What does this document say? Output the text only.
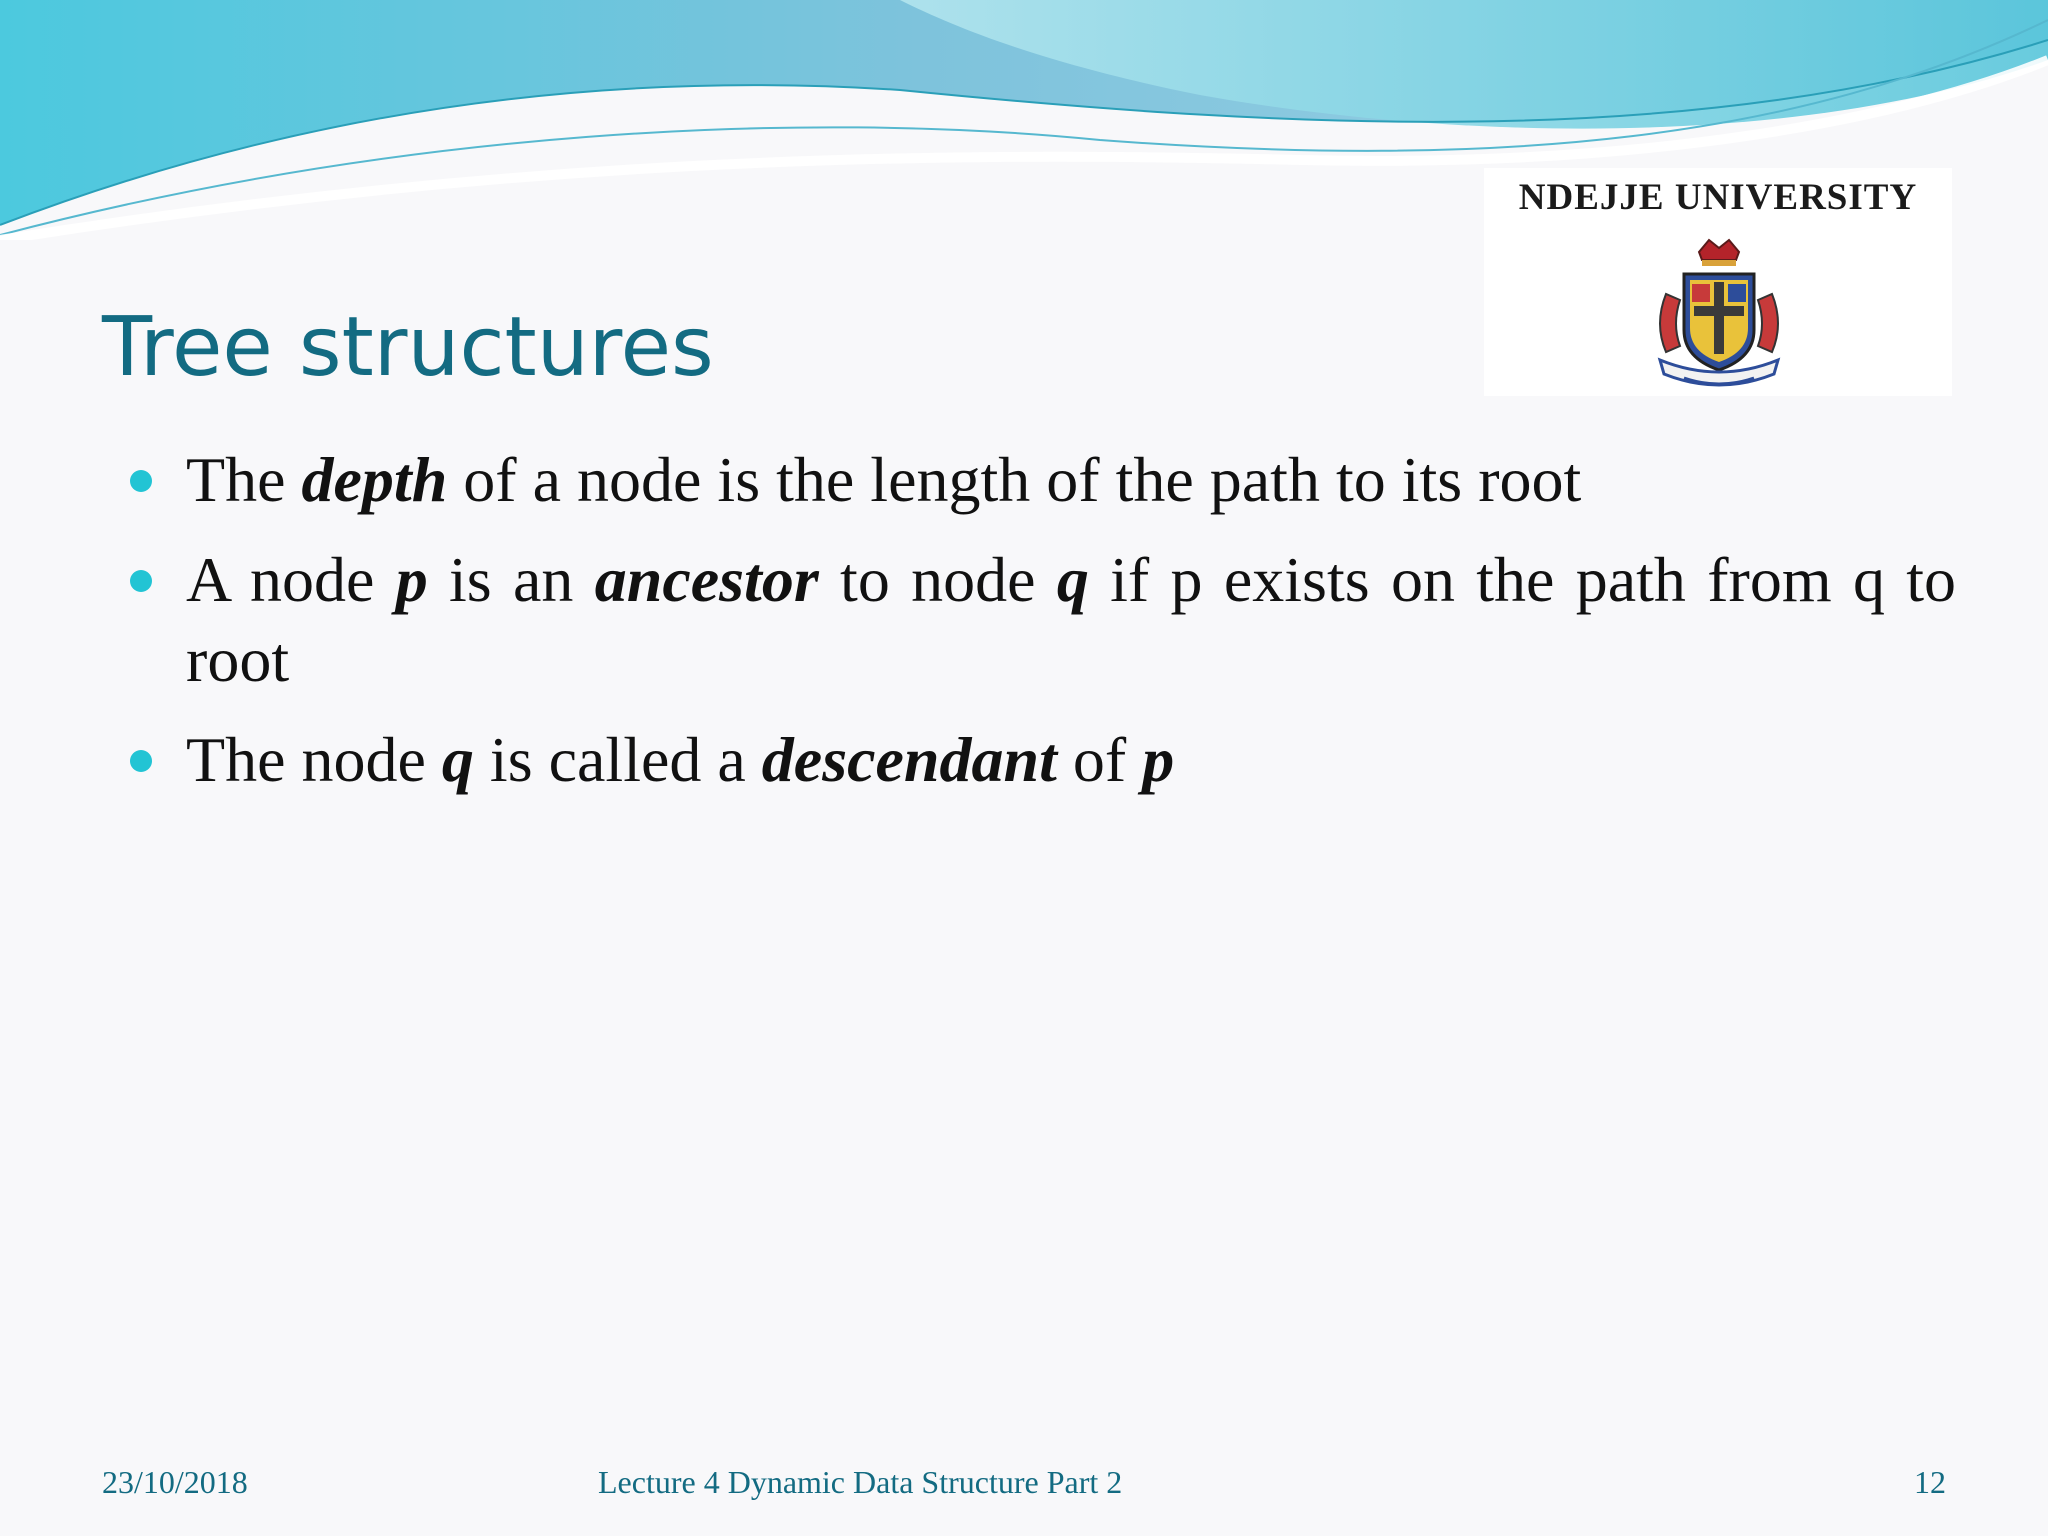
NDEJJE UNIVERSITY
Tree structures
The depth of a node is the length of the path to its root
A node p is an ancestor to node q if p exists on the path from q to root
The node q is called a descendant of p
23/10/2018	Lecture 4 Dynamic Data Structure Part 2	12
